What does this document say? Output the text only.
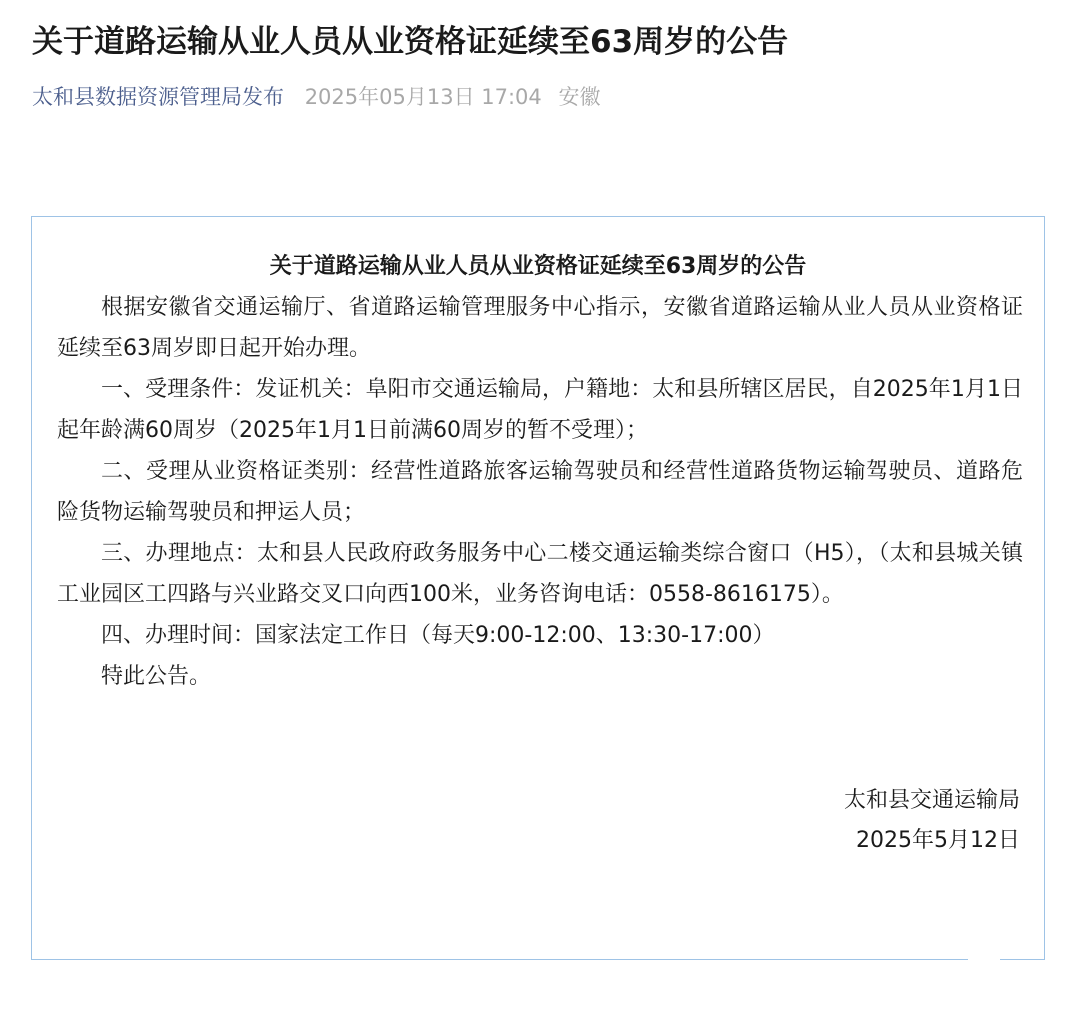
关于道路运输从业人员从业资格证延续至63周岁的公告
太和县数据资源管理局发布 2025年05月13日 17:04 安徽
关于道路运输从业人员从业资格证延续至63周岁的公告

根据安徽省交通运输厅、省道路运输管理服务中心指示，安徽省道路运输从业人员从业资格证延续至63周岁即日起开始办理。

一、受理条件：发证机关：阜阳市交通运输局，户籍地：太和县所辖区居民，自2025年1月1日起年龄满60周岁（2025年1月1日前满60周岁的暂不受理）；

二、受理从业资格证类别：经营性道路旅客运输驾驶员和经营性道路货物运输驾驶员、道路危险货物运输驾驶员和押运人员；

三、办理地点：太和县人民政府政务服务中心二楼交通运输类综合窗口（H5），（太和县城关镇工业园区工四路与兴业路交叉口向西100米，业务咨询电话：0558-8616175）。

四、办理时间：国家法定工作日（每天9:00-12:00、13:30-17:00）

特此公告。

太和县交通运输局
2025年5月12日
